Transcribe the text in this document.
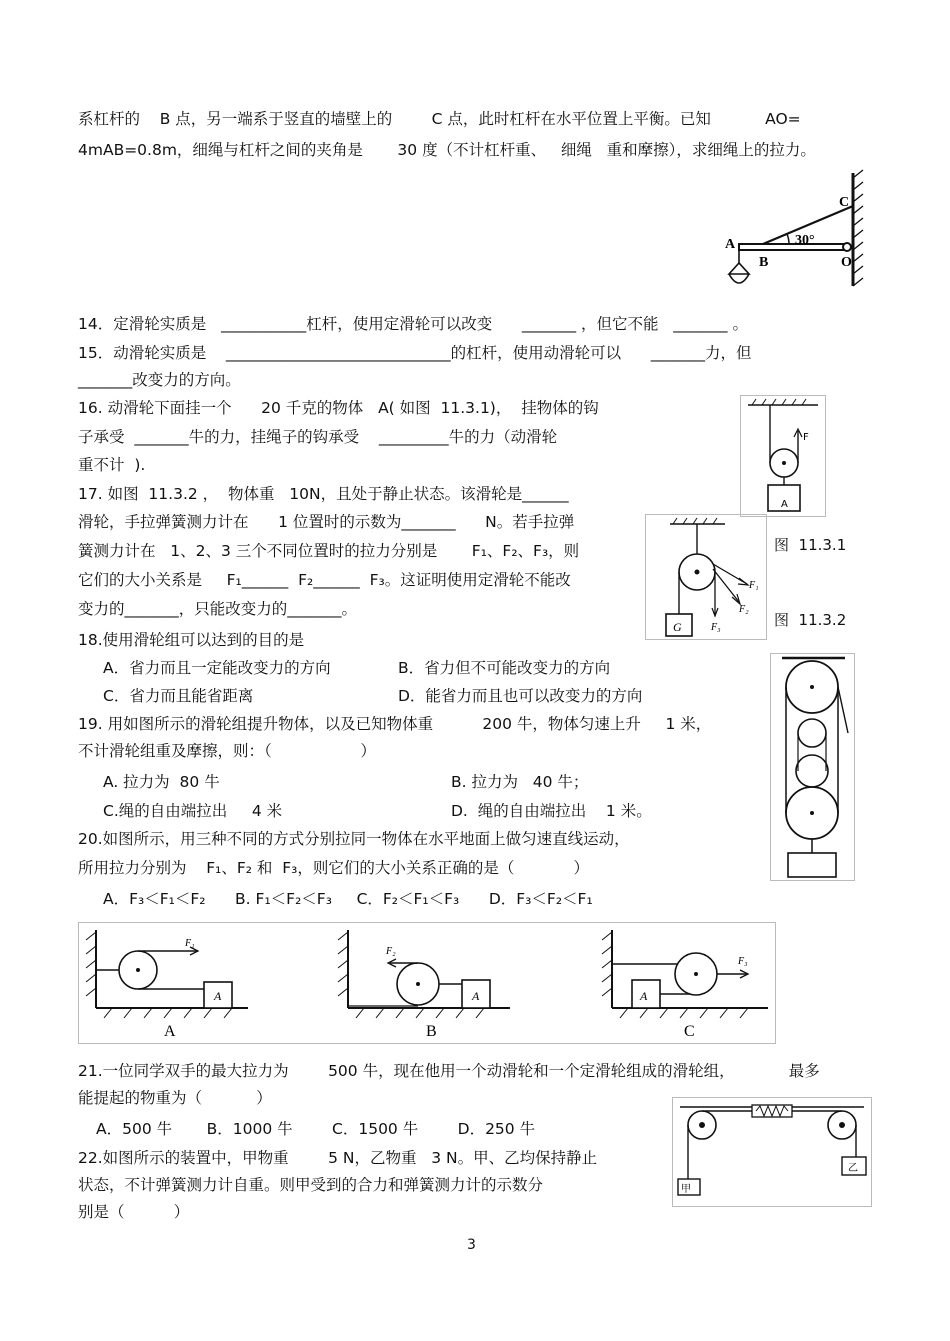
系杠杆的    B 点，另一端系于竖直的墙壁上的        C 点，此时杠杆在水平位置上平衡。已知           AO=
4mAB=0.8m，细绳与杠杆之间的夹角是       30 度（不计杠杆重、   细绳   重和摩擦），求细绳上的拉力。
14．定滑轮实质是   ___________杠杆，使用定滑轮可以改变      _______ ，但它不能   _______ 。
15．动滑轮实质是    _____________________________的杠杆，使用动滑轮可以      _______力，但
_______改变力的方向。
16. 动滑轮下面挂一个      20 千克的物体   A( 如图  11.3.1)，  挂物体的钩
子承受  _______牛的力，挂绳子的钩承受    _________牛的力（动滑轮
重不计  ).
17. 如图  11.3.2 ，  物体重   10N，且处于静止状态。该滑轮是______
滑轮，手拉弹簧测力计在      1 位置时的示数为_______      N。若手拉弹
簧测力计在   1、2、3 三个不同位置时的拉力分别是       F₁、F₂、F₃，则
它们的大小关系是     F₁______  F₂______  F₃。这证明使用定滑轮不能改
变力的_______，只能改变力的_______。
18.使用滑轮组可以达到的目的是
A．省力而且一定能改变力的方向	B．省力但不可能改变力的方向
C．省力而且能省距离	D．能省力而且也可以改变力的方向
19. 用如图所示的滑轮组提升物体，以及已知物体重          200 牛，物体匀速上升     1 米，
不计滑轮组重及摩擦，则：（                  ）
A. 拉力为  80 牛	B. 拉力为   40 牛；
C.绳的自由端拉出     4 米	D.  绳的自由端拉出    1 米。
20.如图所示，用三种不同的方式分别拉同一物体在水平地面上做匀速直线运动，
所用拉力分别为    F₁、F₂ 和  F₃，则它们的大小关系正确的是（            ）
A．F₃＜F₁＜F₂      B. F₁＜F₂＜F₃     C．F₂＜F₁＜F₃      D．F₃＜F₂＜F₁
21.一位同学双手的最大拉力为        500 牛，现在他用一个动滑轮和一个定滑轮组成的滑轮组，           最多
能提起的物重为（           ）
A．500 牛       B．1000 牛        C．1500 牛        D．250 牛
22.如图所示的装置中，甲物重        5 N，乙物重   3 N。甲、乙均保持静止
状态，不计弹簧测力计自重。则甲受到的合力和弹簧测力计的示数分
别是（          ）
A
B
C
O
30°
F
A
图  11.3.1
G
F₁
F₂
F₃	图  11.3.2
F₁
A
A
F₂
A
B
A
F₃
C
甲
乙
3
